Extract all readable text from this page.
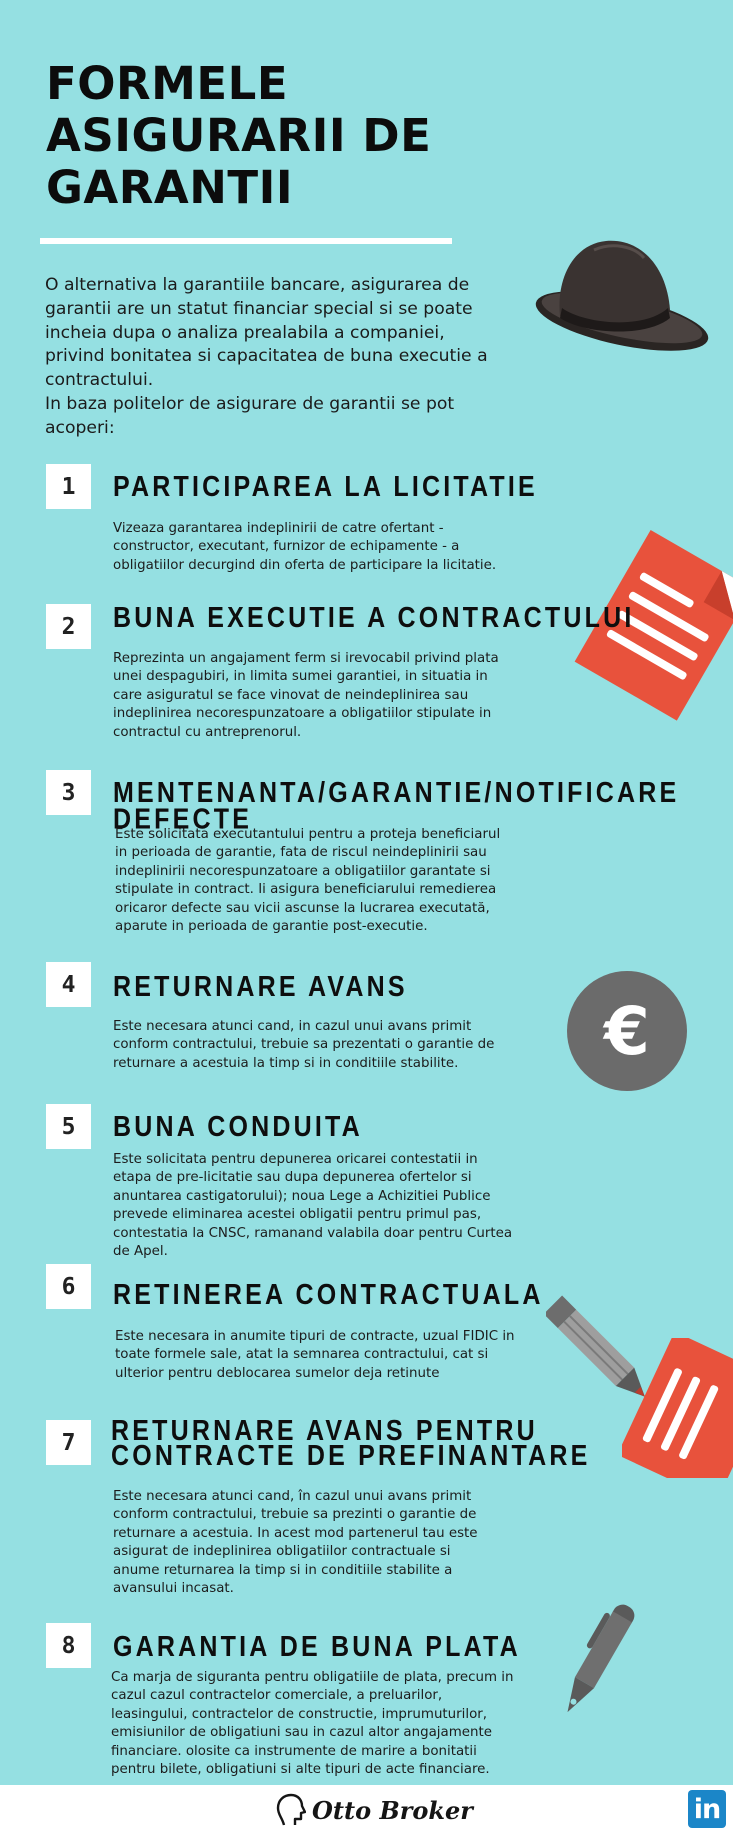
FORMELE
ASIGURARII DE
GARANTII

O alternativa la garantiile bancare, asigurarea de garantii are un statut financiar special si se poate incheia dupa o analiza prealabila a companiei, privind bonitatea si capacitatea de buna executie a contractului.

In baza politelor de asigurare de garantii se pot acoperi:

€
1	PARTICIPAREA LA LICITATIE

Vizeaza garantarea indeplinirii de catre ofertant - constructor, executant, furnizor de echipamente - a obligatiilor decurgind din oferta de participare la licitatie.

2	BUNA EXECUTIE A CONTRACTULUI

Reprezinta un angajament ferm si irevocabil privind plata unei despagubiri, in limita sumei garantiei, in situatia in care asiguratul se face vinovat de neindeplinirea sau indeplinirea necorespunzatoare a obligatiilor stipulate in contractul cu antreprenorul.

3	MENTENANTA/GARANTIE/NOTIFICARE DEFECTE

Este solicitata executantului pentru a proteja beneficiarul in perioada de garantie, fata de riscul neindeplinirii sau indeplinirii necorespunzatoare a obligatiilor garantate si stipulate in contract. Ii asigura beneficiarului remedierea oricaror defecte sau vicii ascunse la lucrarea executată, aparute in perioada de garantie post-executie.

4	RETURNARE AVANS

Este necesara atunci cand, in cazul unui avans primit conform contractului, trebuie sa prezentati o garantie de returnare a acestuia la timp si in conditiile stabilite.

5	BUNA CONDUITA

Este solicitata pentru depunerea oricarei contestatii in etapa de pre-licitatie sau dupa depunerea ofertelor si anuntarea castigatorului); noua Lege a Achizitiei Publice prevede eliminarea acestei obligatii pentru primul pas, contestatia la CNSC, ramanand valabila doar pentru Curtea de Apel.

6	RETINEREA CONTRACTUALA

Este necesara in anumite tipuri de contracte, uzual FIDIC in toate formele sale, atat la semnarea contractului, cat si ulterior pentru deblocarea sumelor deja retinute

7	RETURNARE AVANS PENTRU CONTRACTE DE PREFINANTARE

Este necesara atunci cand, în cazul unui avans primit conform contractului, trebuie sa prezinti o garantie de returnare a acestuia. In acest mod partenerul tau este asigurat de indeplinirea obligatiilor contractuale si anume returnarea la timp si in conditiile stabilite a avansului incasat.

8	GARANTIA DE BUNA PLATA

Ca marja de siguranta pentru obligatiile de plata, precum in cazul cazul contractelor comerciale, a preluarilor, leasingului, contractelor de constructie, imprumuturilor, emisiunilor de obligatiuni sau in cazul altor angajamente financiare. olosite ca instrumente de marire a bonitatii pentru bilete, obligatiuni si alte tipuri de acte financiare.

Otto Broker	in
